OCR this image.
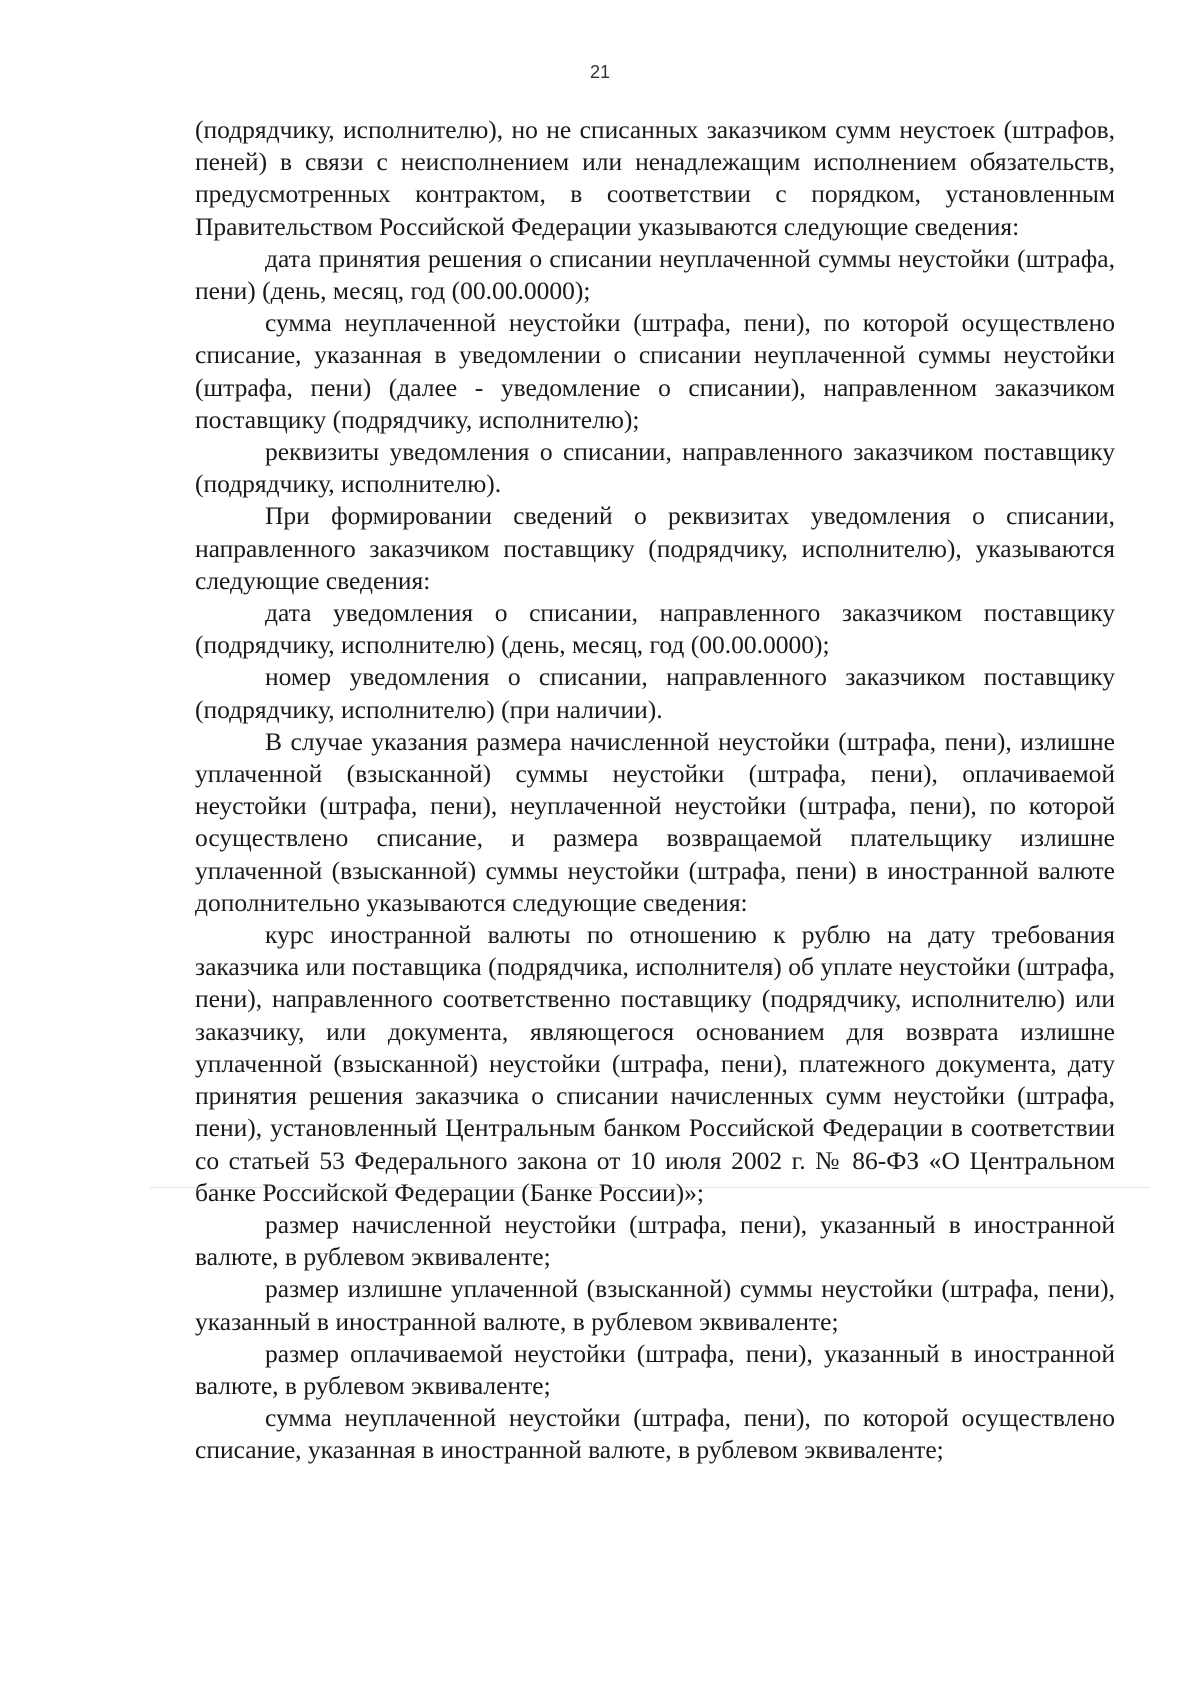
21

(подрядчику, исполнителю), но не списанных заказчиком сумм неустоек (штрафов, пеней) в связи с неисполнением или ненадлежащим исполнением обязательств, предусмотренных контрактом, в соответствии с порядком, установленным Правительством Российской Федерации указываются следующие сведения:

дата принятия решения о списании неуплаченной суммы неустойки (штрафа, пени) (день, месяц, год (00.00.0000);

сумма неуплаченной неустойки (штрафа, пени), по которой осуществлено списание, указанная в уведомлении о списании неуплаченной суммы неустойки (штрафа, пени) (далее - уведомление о списании), направленном заказчиком поставщику (подрядчику, исполнителю);

реквизиты уведомления о списании, направленного заказчиком поставщику (подрядчику, исполнителю).

При формировании сведений о реквизитах уведомления о списании, направленного заказчиком поставщику (подрядчику, исполнителю), указываются следующие сведения:

дата уведомления о списании, направленного заказчиком поставщику (подрядчику, исполнителю) (день, месяц, год (00.00.0000);

номер уведомления о списании, направленного заказчиком поставщику (подрядчику, исполнителю) (при наличии).

В случае указания размера начисленной неустойки (штрафа, пени), излишне уплаченной (взысканной) суммы неустойки (штрафа, пени), оплачиваемой неустойки (штрафа, пени), неуплаченной неустойки (штрафа, пени), по которой осуществлено списание, и размера возвращаемой плательщику излишне уплаченной (взысканной) суммы неустойки (штрафа, пени) в иностранной валюте дополнительно указываются следующие сведения:

курс иностранной валюты по отношению к рублю на дату требования заказчика или поставщика (подрядчика, исполнителя) об уплате неустойки (штрафа, пени), направленного соответственно поставщику (подрядчику, исполнителю) или заказчику, или документа, являющегося основанием для возврата излишне уплаченной (взысканной) неустойки (штрафа, пени), платежного документа, дату принятия решения заказчика о списании начисленных сумм неустойки (штрафа, пени), установленный Центральным банком Российской Федерации в соответствии со статьей 53 Федерального закона от 10 июля 2002 г. № 86-ФЗ «О Центральном банке Российской Федерации (Банке России)»;

размер начисленной неустойки (штрафа, пени), указанный в иностранной валюте, в рублевом эквиваленте;

размер излишне уплаченной (взысканной) суммы неустойки (штрафа, пени), указанный в иностранной валюте, в рублевом эквиваленте;

размер оплачиваемой неустойки (штрафа, пени), указанный в иностранной валюте, в рублевом эквиваленте;

сумма неуплаченной неустойки (штрафа, пени), по которой осуществлено списание, указанная в иностранной валюте, в рублевом эквиваленте;
